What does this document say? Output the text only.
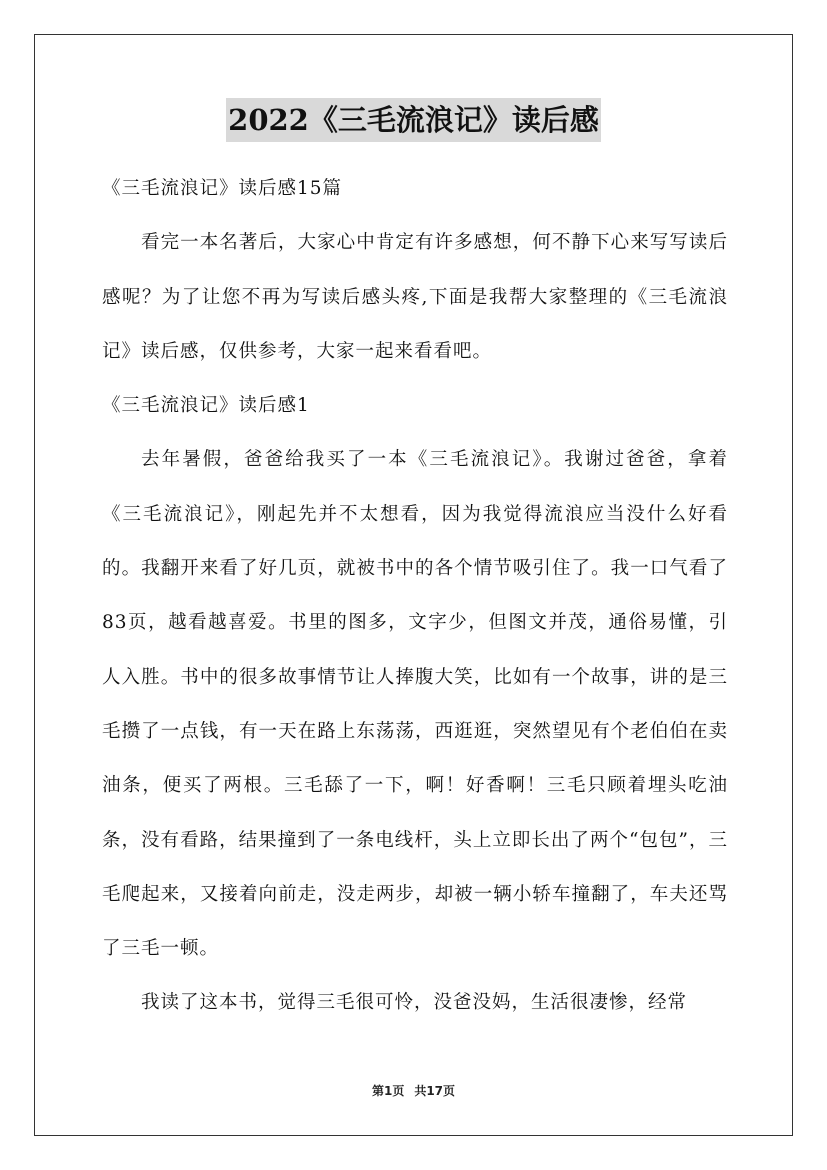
2022《三毛流浪记》读后感

《三毛流浪记》读后感15篇

看完一本名著后，大家心中肯定有许多感想，何不静下心来写写读后感呢？为了让您不再为写读后感头疼,下面是我帮大家整理的《三毛流浪记》读后感，仅供参考，大家一起来看看吧。

《三毛流浪记》读后感1

去年暑假，爸爸给我买了一本《三毛流浪记》。我谢过爸爸，拿着《三毛流浪记》，刚起先并不太想看，因为我觉得流浪应当没什么好看的。我翻开来看了好几页，就被书中的各个情节吸引住了。我一口气看了83页，越看越喜爱。书里的图多，文字少，但图文并茂，通俗易懂，引人入胜。书中的很多故事情节让人捧腹大笑，比如有一个故事，讲的是三毛攒了一点钱，有一天在路上东荡荡，西逛逛，突然望见有个老伯伯在卖油条，便买了两根。三毛舔了一下，啊！好香啊！三毛只顾着埋头吃油条，没有看路，结果撞到了一条电线杆，头上立即长出了两个“包包”，三毛爬起来，又接着向前走，没走两步，却被一辆小轿车撞翻了，车夫还骂了三毛一顿。

我读了这本书，觉得三毛很可怜，没爸没妈，生活很凄惨，经常

第1页 共17页
